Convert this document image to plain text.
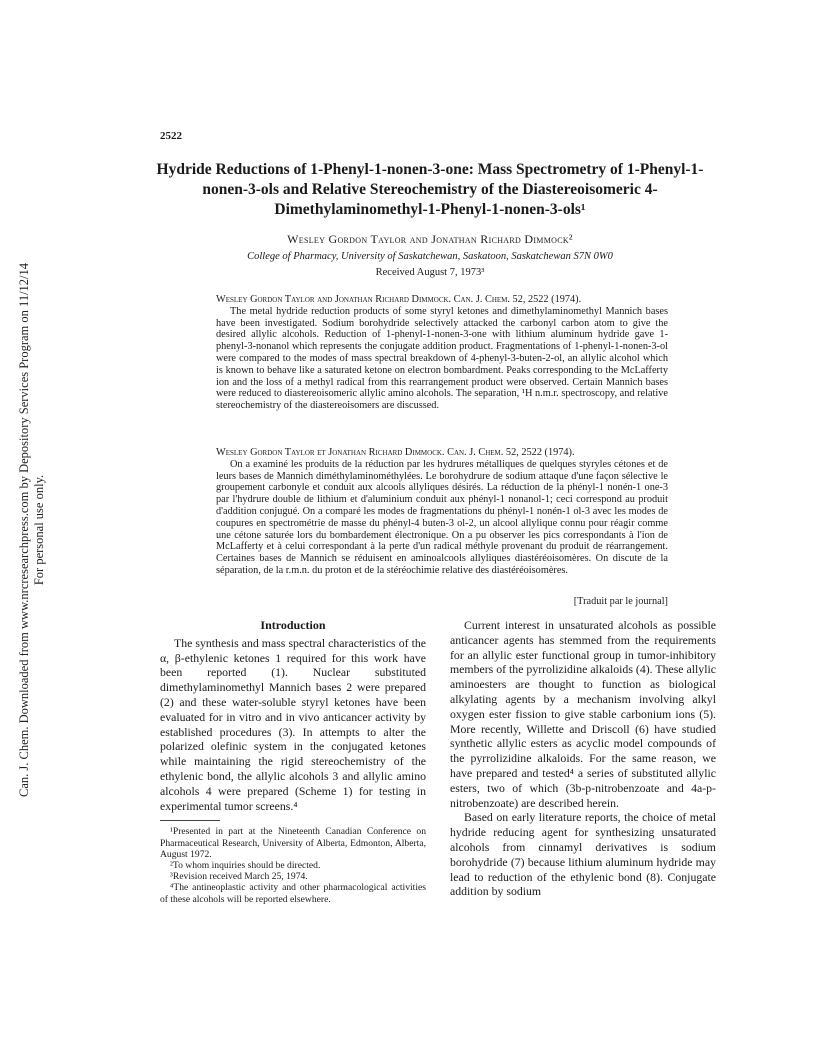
Can. J. Chem. Downloaded from www.nrcresearchpress.com by Depository Services Program on 11/12/14 For personal use only.
2522
Hydride Reductions of 1-Phenyl-1-nonen-3-one: Mass Spectrometry of 1-Phenyl-1-nonen-3-ols and Relative Stereochemistry of the Diastereoisomeric 4-Dimethylaminomethyl-1-Phenyl-1-nonen-3-ols¹
Wesley Gordon Taylor and Jonathan Richard Dimmock²
College of Pharmacy, University of Saskatchewan, Saskatoon, Saskatchewan S7N 0W0
Received August 7, 1973³
Wesley Gordon Taylor and Jonathan Richard Dimmock. Can. J. Chem. 52, 2522 (1974).

The metal hydride reduction products of some styryl ketones and dimethylaminomethyl Mannich bases have been investigated. Sodium borohydride selectively attacked the carbonyl carbon atom to give the desired allylic alcohols. Reduction of 1-phenyl-1-nonen-3-one with lithium aluminum hydride gave 1-phenyl-3-nonanol which represents the conjugate addition product. Fragmentations of 1-phenyl-1-nonen-3-ol were compared to the modes of mass spectral breakdown of 4-phenyl-3-buten-2-ol, an allylic alcohol which is known to behave like a saturated ketone on electron bombardment. Peaks corresponding to the McLafferty ion and the loss of a methyl radical from this rearrangement product were observed. Certain Mannich bases were reduced to diastereoisomeric allylic amino alcohols. The separation, ¹H n.m.r. spectroscopy, and relative stereochemistry of the diastereoisomers are discussed.

Wesley Gordon Taylor et Jonathan Richard Dimmock. Can. J. Chem. 52, 2522 (1974).

On a examiné les produits de la réduction par les hydrures métalliques de quelques styryles cétones et de leurs bases de Mannich diméthylaminométhylées. Le borohydrure de sodium attaque d'une façon sélective le groupement carbonyle et conduit aux alcools allyliques désirés. La réduction de la phényl-1 nonén-1 one-3 par l'hydrure double de lithium et d'aluminium conduit aux phényl-1 nonanol-1; ceci correspond au produit d'addition conjugué. On a comparé les modes de fragmentations du phényl-1 nonén-1 ol-3 avec les modes de coupures en spectrométrie de masse du phényl-4 buten-3 ol-2, un alcool allylique connu pour réagir comme une cétone saturée lors du bombardement électronique. On a pu observer les pics correspondants à l'ion de McLafferty et à celui correspondant à la perte d'un radical méthyle provenant du produit de réarrangement. Certaines bases de Mannich se réduisent en aminoalcools allyliques diastéréoisomères. On discute de la séparation, de la r.m.n. du proton et de la stéréochimie relative des diastéréoisomères.

[Traduit par le journal]
Introduction

The synthesis and mass spectral characteristics of the α, β-ethylenic ketones 1 required for this work have been reported (1). Nuclear substituted dimethylaminomethyl Mannich bases 2 were prepared (2) and these water-soluble styryl ketones have been evaluated for in vitro and in vivo anticancer activity by established procedures (3). In attempts to alter the polarized olefinic system in the conjugated ketones while maintaining the rigid stereochemistry of the ethylenic bond, the allylic alcohols 3 and allylic amino alcohols 4 were prepared (Scheme 1) for testing in experimental tumor screens.⁴

¹Presented in part at the Nineteenth Canadian Conference on Pharmaceutical Research, University of Alberta, Edmonton, Alberta, August 1972.

²To whom inquiries should be directed.

³Revision received March 25, 1974.

⁴The antineoplastic activity and other pharmacological activities of these alcohols will be reported elsewhere.

Current interest in unsaturated alcohols as possible anticancer agents has stemmed from the requirements for an allylic ester functional group in tumor-inhibitory members of the pyrrolizidine alkaloids (4). These allylic aminoesters are thought to function as biological alkylating agents by a mechanism involving alkyl oxygen ester fission to give stable carbonium ions (5). More recently, Willette and Driscoll (6) have studied synthetic allylic esters as acyclic model compounds of the pyrrolizidine alkaloids. For the same reason, we have prepared and tested⁴ a series of substituted allylic esters, two of which (3b-p-nitrobenzoate and 4a-p-nitrobenzoate) are described herein.

Based on early literature reports, the choice of metal hydride reducing agent for synthesizing unsaturated alcohols from cinnamyl derivatives is sodium borohydride (7) because lithium aluminum hydride may lead to reduction of the ethylenic bond (8). Conjugate addition by sodium
